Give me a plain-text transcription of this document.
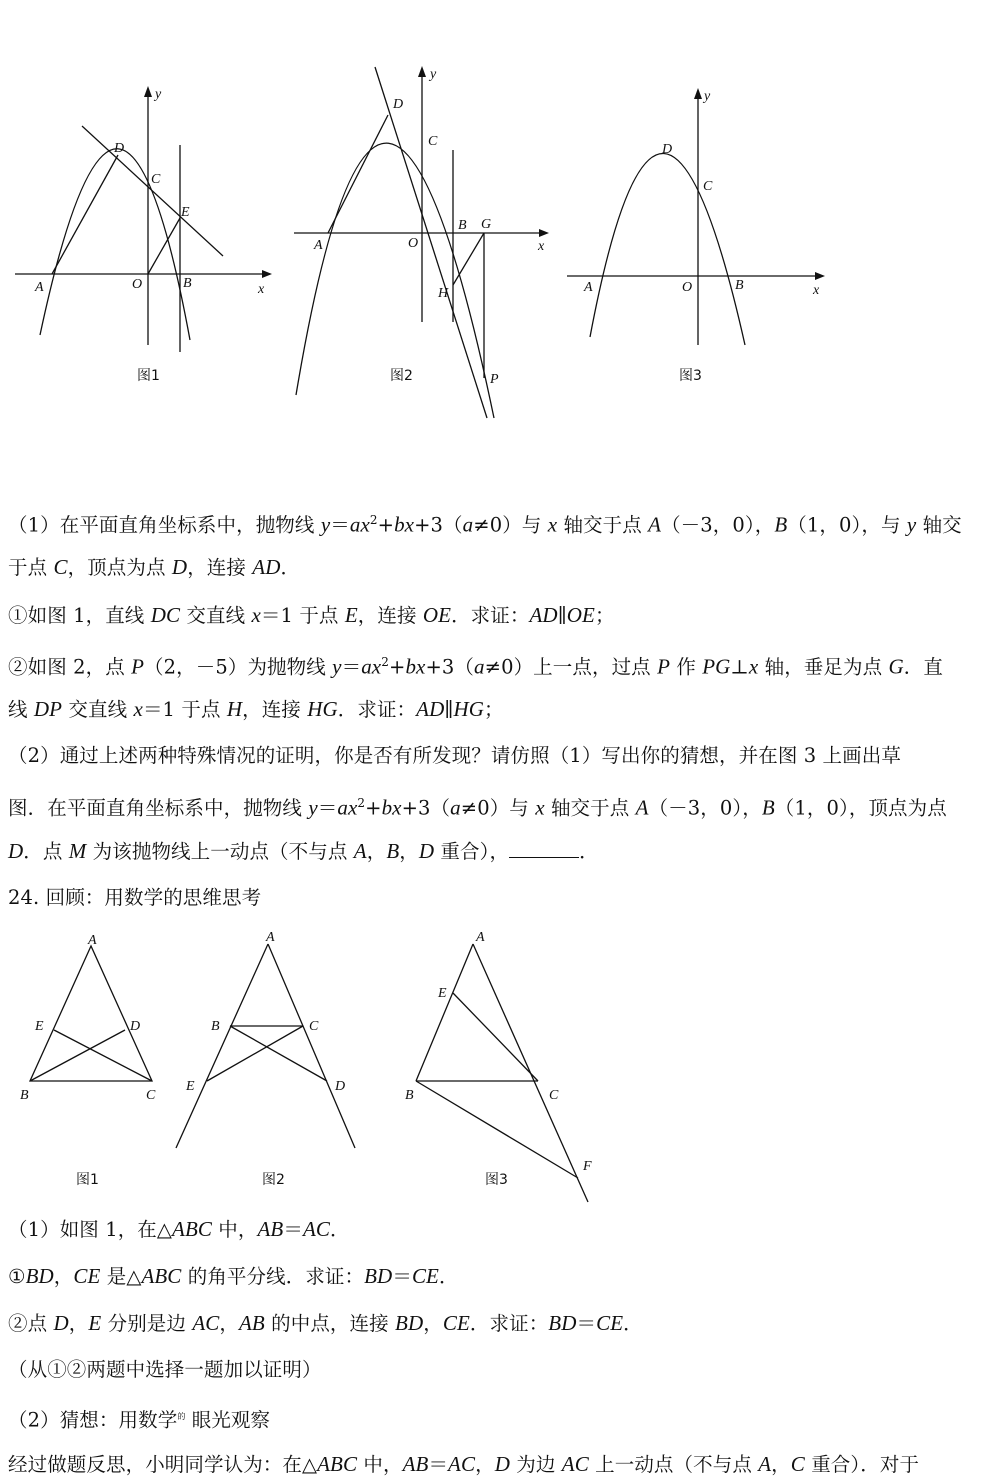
D
C
E
A	O	B	x
y
图1
D
C
A	O
B G
H
P
x
y
图2
D
C
A	O	B	x
y
图3
（1）在平面直角坐标系中，抛物线 $y=ax^2+bx+3(a\ne 0)$与 x 轴交于点 A（－3，0），B（1，0），与 y 轴交
于点 C，顶点为点 D，连接 AD．
①如图 1，直线 DC 交直线 x＝1 于点 E，连接 OE．求证：AD∥OE；
②如图 2，点 P（2，－5）为抛物线 $y=ax^2+bx+3(a\ne 0)$上一点，过点 P 作 PG⊥x 轴，垂足为点 G．直
线 DP 交直线 x＝1 于点 H，连接 HG．求证：AD∥HG；
（2）通过上述两种特殊情况的证明，你是否有所发现？请仿照（1）写出你的猜想，并在图 3 上画出草
图．在平面直角坐标系中，抛物线 $y=ax^2+bx+3(a\ne 0)$与 x 轴交于点 A（－3，0），B（1，0），顶点为点
D．点 M 为该抛物线上一动点（不与点 A，B，D 重合），	．
24. 回顾：用数学的思维思考
A
E	D
B	C
图1
A
B	C
E	D
图2
A
E
B	C
F
图3
（1）如图 1，在△ABC 中，AB＝AC．
①BD，CE 是△ABC 的角平分线．求证：BD＝CE．
②点 D，E 分别是边 AC，AB 的中点，连接 BD，CE．求证：BD＝CE．
（从①②两题中选择一题加以证明）
（2）猜想：用数学$^的$ 眼光观察
经过做题反思，小明同学认为：在△ABC 中，AB＝AC，D 为边 AC 上一动点（不与点 A，C 重合）．对于
